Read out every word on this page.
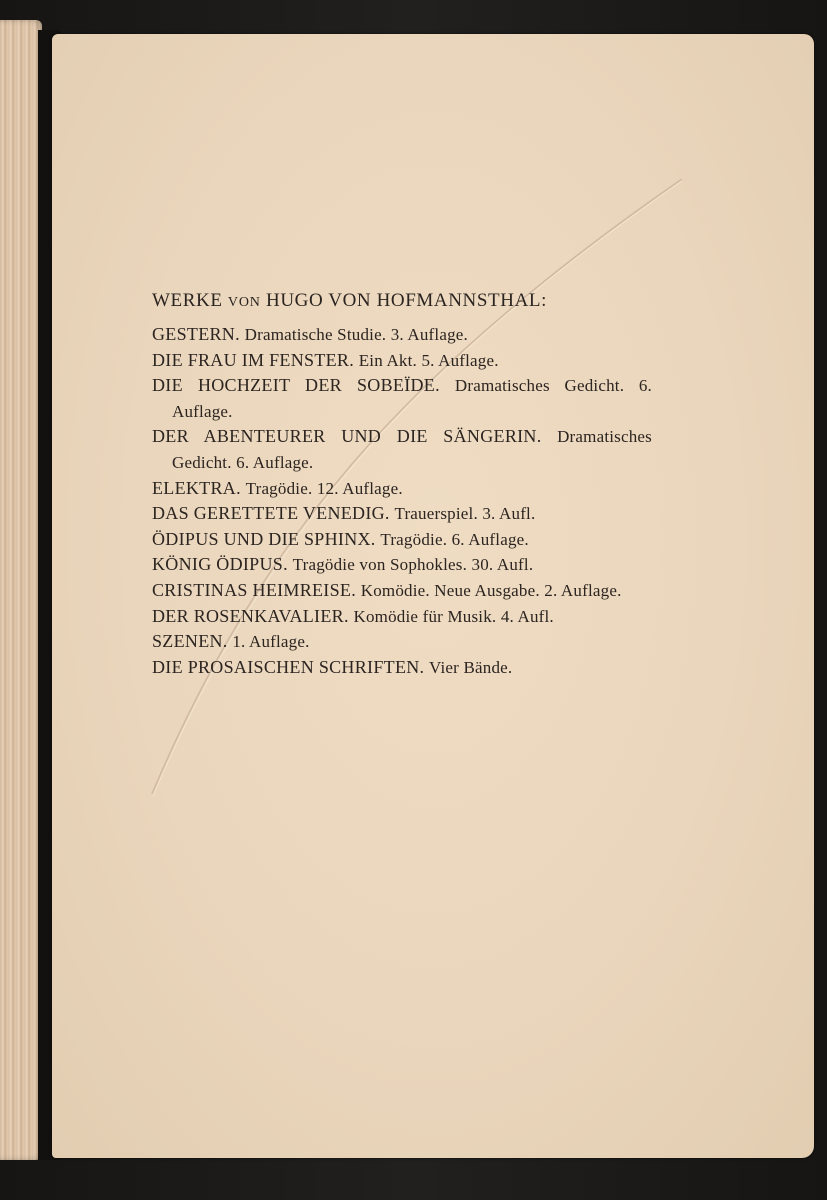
WERKE VON HUGO VON HOFMANNSTHAL:
GESTERN. Dramatische Studie. 3. Auflage.
DIE FRAU IM FENSTER. Ein Akt. 5. Auflage.
DIE HOCHZEIT DER SOBEÏDE. Dramatisches Gedicht. 6. Auflage.
DER ABENTEURER UND DIE SÄNGERIN. Dramatisches Gedicht. 6. Auflage.
ELEKTRA. Tragödie. 12. Auflage.
DAS GERETTETE VENEDIG. Trauerspiel. 3. Aufl.
ÖDIPUS UND DIE SPHINX. Tragödie. 6. Auflage.
KÖNIG ÖDIPUS. Tragödie von Sophokles. 30. Aufl.
CRISTINAS HEIMREISE. Komödie. Neue Ausgabe. 2. Auflage.
DER ROSENKAVALIER. Komödie für Musik. 4. Aufl.
SZENEN. 1. Auflage.
DIE PROSAISCHEN SCHRIFTEN. Vier Bände.
